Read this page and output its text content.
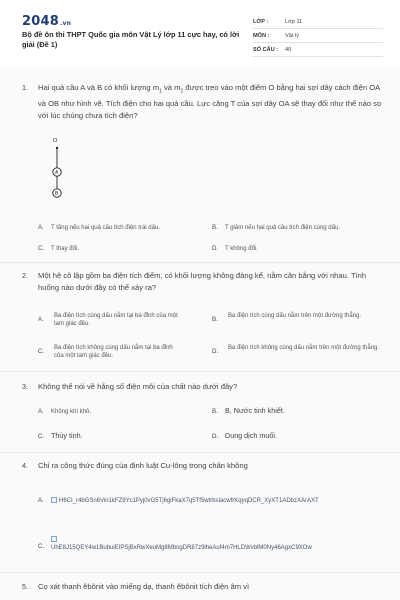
2048.vn
Bộ đề ôn thi THPT Quốc gia môn Vật Lý lớp 11 cực hay, có lời giải (Đề 1)
LỚP :	Lớp 11
MÔN :	Vật lý
SỐ CÂU : 40
1. Hai quả cầu A và B có khối lượng $m_1$ và $m_2$ được treo vào một điểm O bằng hai sợi dây cách điện OA và OB như hình vẽ. Tích điện cho hai quả cầu. Lực căng T của sợi dây OA sẽ thay đổi như thế nào so với lúc chúng chưa tích điện?
O
A
B
A. T tăng nếu hai quả cầu tích điện trái dấu.	B. T giảm nếu hai quả cầu tích điện cùng dấu.
C. T thay đổi.	D. T không đổi.
2. Một hệ cô lập gồm ba điện tích điểm, có khối lượng không đáng kể, nằm cân bằng với nhau. Tình huống nào dưới đây có thể xảy ra?
A. Ba điện tích cùng dấu nằm tại ba đỉnh của một tam giác đều.
B. Ba điện tích cùng dấu nằm trên một đường thẳng.
C. Ba điện tích không cùng dấu nằm tại ba đỉnh của một tam giác đều.
D. Ba điện tích không cùng dấu nằm trên một đường thẳng.
3. Không thể nói về hằng số điện môi của chất nào dưới đây?
A. Không khí khô.	B. B, Nước tinh khiết.
C. Thủy tinh.	D. Dung dịch muối.
4. Chỉ ra công thức đúng của định luật Cu-lông trong chân không
A.	H6CI_r4bGSn6Vin1kFZ9Yc1Pyj0vG5Tj6giFkaX7q5Tf5wtrbslacwfrKqyqDCR_XyXT1ADbzXArAXT
C. UhE8J15QEY4w1BubulEIPSjBxRwXeuMg8MbngDR87z9lheAuf4m7HLDWvblM0Ny46AgxC9XOw
5. Cọ xát thanh êbônit vào miếng dạ, thanh êbônit tích điện âm vì
